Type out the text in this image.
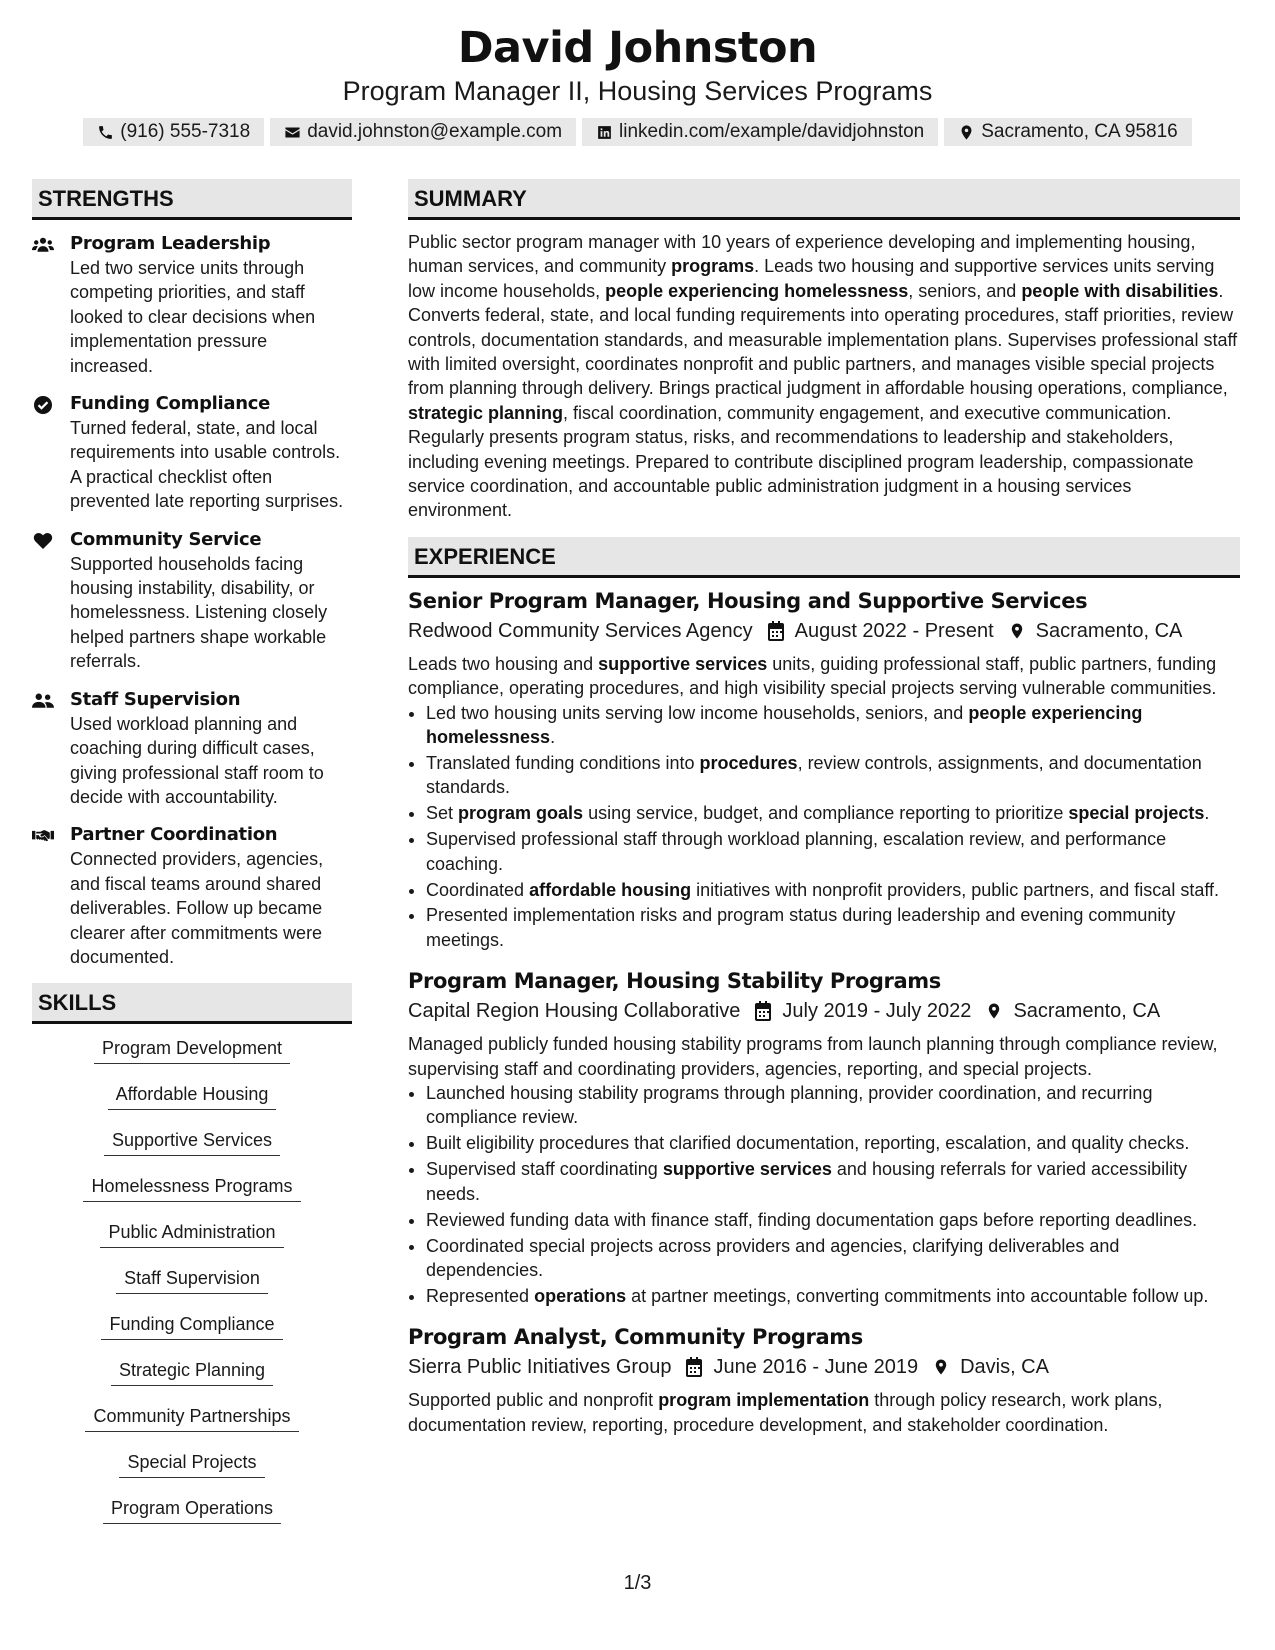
David Johnston
Program Manager II, Housing Services Programs
(916) 555-7318	david.johnston@example.com	linkedin.com/example/davidjohnston	Sacramento, CA 95816
STRENGTHS
Program Leadership
Led two service units through competing priorities, and staff looked to clear decisions when implementation pressure increased.
Funding Compliance
Turned federal, state, and local requirements into usable controls. A practical checklist often prevented late reporting surprises.
Community Service
Supported households facing housing instability, disability, or homelessness. Listening closely helped partners shape workable referrals.
Staff Supervision
Used workload planning and coaching during difficult cases, giving professional staff room to decide with accountability.
Partner Coordination
Connected providers, agencies, and fiscal teams around shared deliverables. Follow up became clearer after commitments were documented.
SKILLS
Program Development
Affordable Housing
Supportive Services
Homelessness Programs
Public Administration
Staff Supervision
Funding Compliance
Strategic Planning
Community Partnerships
Special Projects
Program Operations
SUMMARY
Public sector program manager with 10 years of experience developing and implementing housing, human services, and community programs. Leads two housing and supportive services units serving low income households, people experiencing homelessness, seniors, and people with disabilities. Converts federal, state, and local funding requirements into operating procedures, staff priorities, review controls, documentation standards, and measurable implementation plans. Supervises professional staff with limited oversight, coordinates nonprofit and public partners, and manages visible special projects from planning through delivery. Brings practical judgment in affordable housing operations, compliance, strategic planning, fiscal coordination, community engagement, and executive communication. Regularly presents program status, risks, and recommendations to leadership and stakeholders, including evening meetings. Prepared to contribute disciplined program leadership, compassionate service coordination, and accountable public administration judgment in a housing services environment.
EXPERIENCE
Senior Program Manager, Housing and Supportive Services
Redwood Community Services Agency August 2022 - Present Sacramento, CA
Leads two housing and supportive services units, guiding professional staff, public partners, funding compliance, operating procedures, and high visibility special projects serving vulnerable communities.
• Led two housing units serving low income households, seniors, and people experiencing homelessness.
• Translated funding conditions into procedures, review controls, assignments, and documentation standards.
• Set program goals using service, budget, and compliance reporting to prioritize special projects.
• Supervised professional staff through workload planning, escalation review, and performance coaching.
• Coordinated affordable housing initiatives with nonprofit providers, public partners, and fiscal staff.
• Presented implementation risks and program status during leadership and evening community meetings.
Program Manager, Housing Stability Programs
Capital Region Housing Collaborative July 2019 - July 2022 Sacramento, CA
Managed publicly funded housing stability programs from launch planning through compliance review, supervising staff and coordinating providers, agencies, reporting, and special projects.
• Launched housing stability programs through planning, provider coordination, and recurring compliance review.
• Built eligibility procedures that clarified documentation, reporting, escalation, and quality checks.
• Supervised staff coordinating supportive services and housing referrals for varied accessibility needs.
• Reviewed funding data with finance staff, finding documentation gaps before reporting deadlines.
• Coordinated special projects across providers and agencies, clarifying deliverables and dependencies.
• Represented operations at partner meetings, converting commitments into accountable follow up.
Program Analyst, Community Programs
Sierra Public Initiatives Group June 2016 - June 2019 Davis, CA
Supported public and nonprofit program implementation through policy research, work plans, documentation review, reporting, procedure development, and stakeholder coordination.
1/3
